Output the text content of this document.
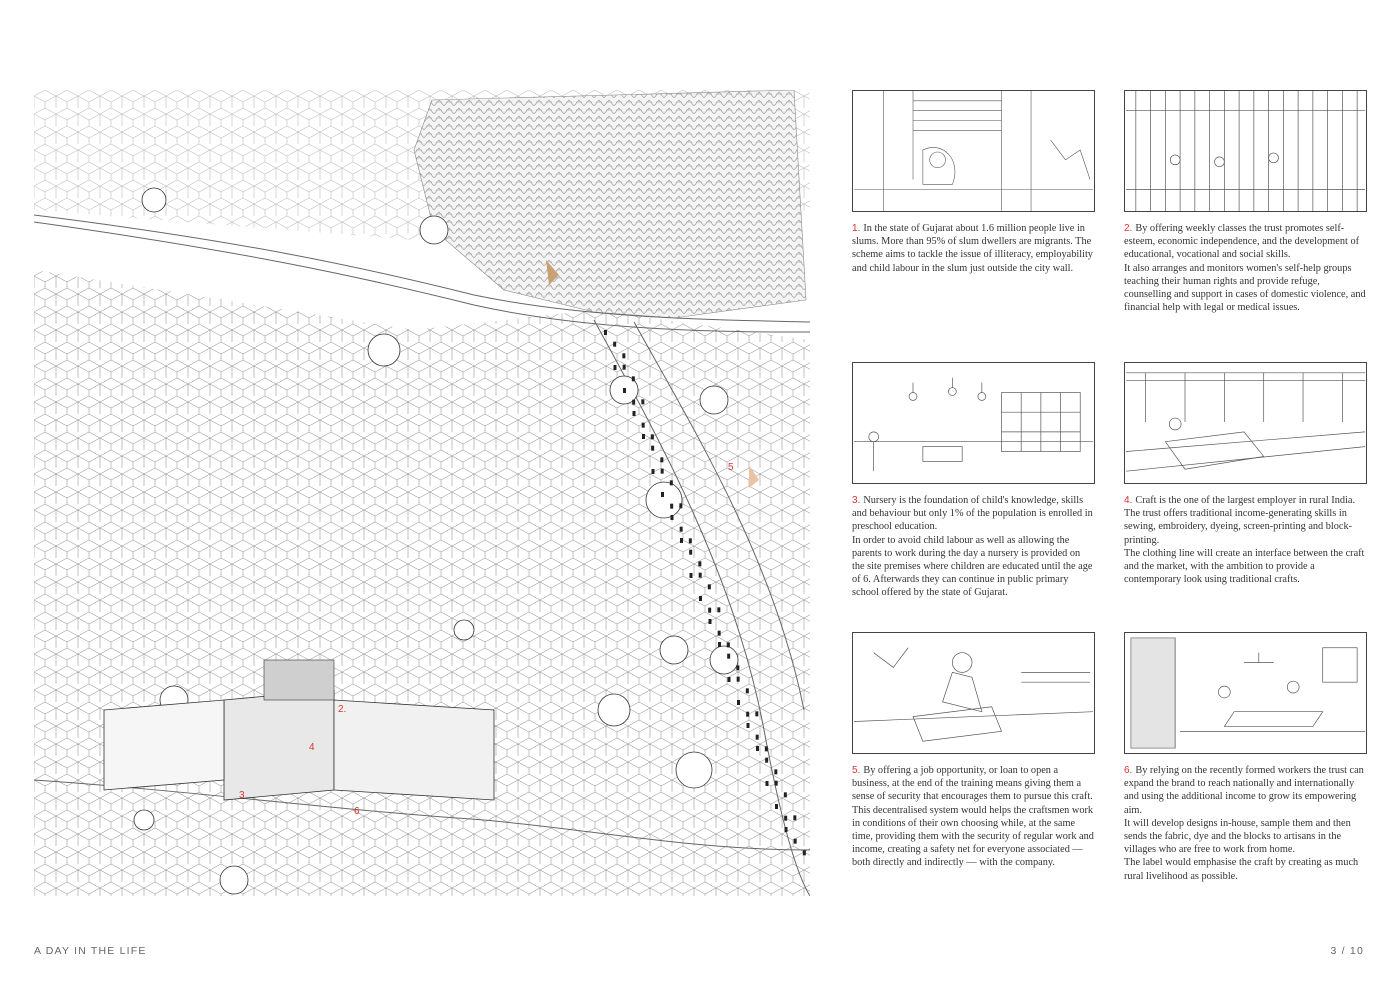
2.
3
4
5
6

1. In the state of Gujarat about 1.6 million people live in slums. More than 95% of slum dwellers are migrants. The scheme aims to tackle the issue of illiteracy, employability and child labour in the slum just outside the city wall.

2. By offering weekly classes the trust promotes self-esteem, economic independence, and the development of educational, vocational and social skills.

It also arranges and monitors women's self-help groups teaching their human rights and provide refuge, counselling and support in cases of domestic violence, and financial help with legal or medical issues.

3. Nursery is the foundation of child's knowledge, skills and behaviour but only 1% of the population is enrolled in preschool education.

In order to avoid child labour as well as allowing the parents to work during the day a nursery is provided on the site premises where children are educated until the age of 6. Afterwards they can continue in public primary school offered by the state of Gujarat.

4. Craft is the one of the largest employer in rural India. The trust offers traditional income-generating skills in sewing, embroidery, dyeing, screen-printing and block-printing.

The clothing line will create an interface between the craft and the market, with the ambition to provide a contemporary look using traditional crafts.

5. By offering a job opportunity, or loan to open a business, at the end of the training means giving them a sense of security that encourages them to pursue this craft.

This decentralised system would helps the craftsmen work in conditions of their own choosing while, at the same time, providing them with the security of regular work and income, creating a safety net for everyone associated — both directly and indirectly — with the company.

6. By relying on the recently formed workers the trust can expand the brand to reach nationally and internationally and using the additional income to grow its empowering aim.

It will develop designs in-house, sample them and then sends the fabric, dye and the blocks to artisans in the villages who are free to work from home.

The label would emphasise the craft by creating as much rural livelihood as possible.

A DAY IN THE LIFE	3 / 10
